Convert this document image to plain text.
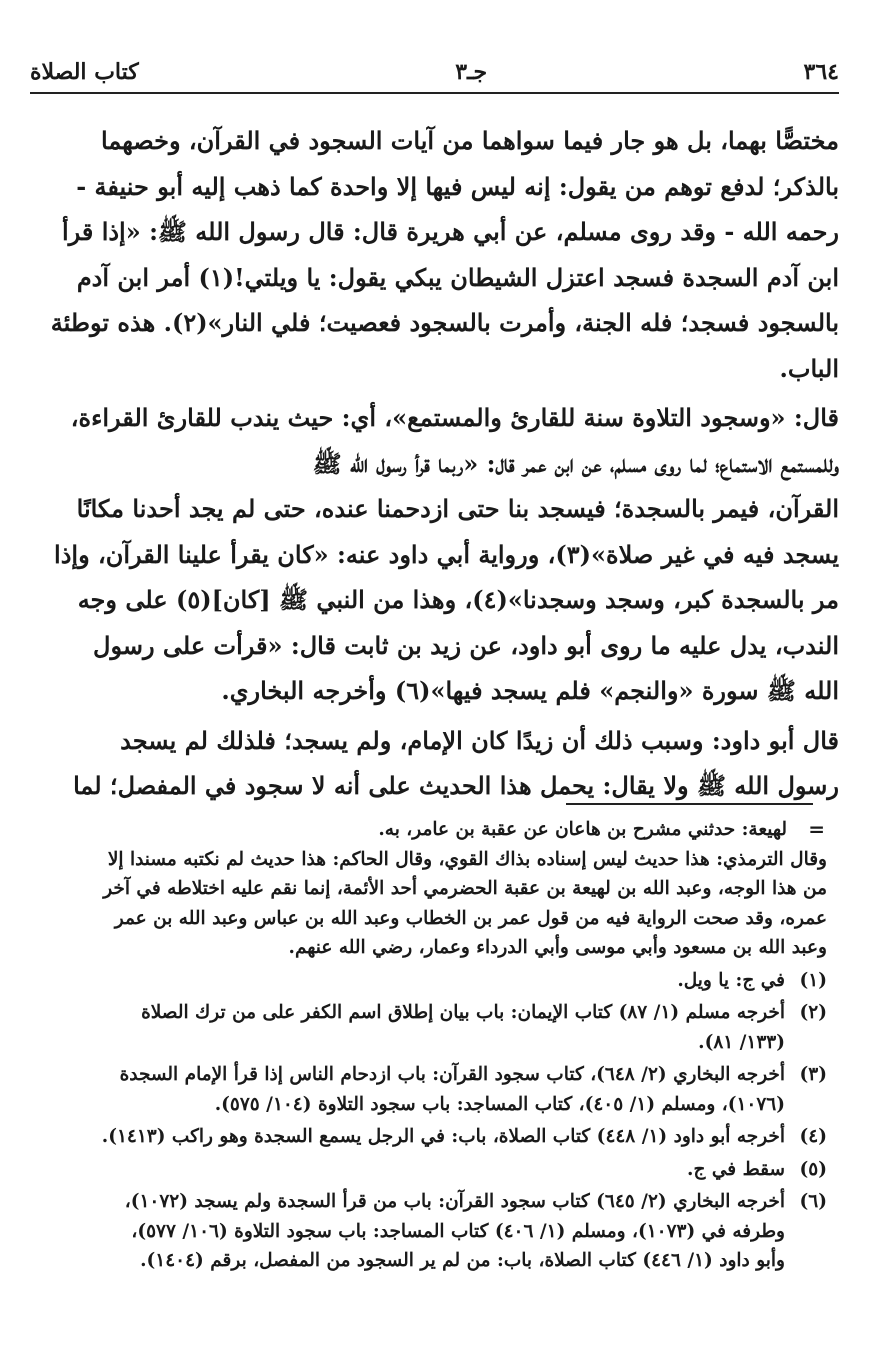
٣٦٤
جـ٣
كتاب الصلاة

مختصًّا بهما، بل هو جار فيما سواهما من آيات السجود في القرآن، وخصهما

بالذكر؛ لدفع توهم من يقول: إنه ليس فيها إلا واحدة كما ذهب إليه أبو حنيفة -

رحمه الله - وقد روى مسلم، عن أبي هريرة قال: قال رسول الله ﷺ: «إذا قرأ

ابن آدم السجدة فسجد اعتزل الشيطان يبكي يقول: يا ويلتي!(١) أمر ابن آدم

بالسجود فسجد؛ فله الجنة، وأمرت بالسجود فعصيت؛ فلي النار»(٢). هذه توطئة

الباب.

قال: «وسجود التلاوة سنة للقارئ والمستمع»، أي: حيث يندب للقارئ القراءة،

وللمستمع الاستماع؛ لما روى مسلم، عن ابن عمر قال: «ربما قرأ رسول الله ﷺ

القرآن، فيمر بالسجدة؛ فيسجد بنا حتى ازدحمنا عنده، حتى لم يجد أحدنا مكانًا

يسجد فيه في غير صلاة»(٣)، ورواية أبي داود عنه: «كان يقرأ علينا القرآن، وإذا

مر بالسجدة كبر، وسجد وسجدنا»(٤)، وهذا من النبي ﷺ [كان](٥) على وجه

الندب، يدل عليه ما روى أبو داود، عن زيد بن ثابت قال: «قرأت على رسول

الله ﷺ سورة «والنجم» فلم يسجد فيها»(٦) وأخرجه البخاري.

قال أبو داود: وسبب ذلك أن زيدًا كان الإمام، ولم يسجد؛ فلذلك لم يسجد

رسول الله ﷺ ولا يقال: يحمل هذا الحديث على أنه لا سجود في المفصل؛ لما

=

لهيعة: حدثني مشرح بن هاعان عن عقبة بن عامر، به.

وقال الترمذي: هذا حديث ليس إسناده بذاك القوي، وقال الحاكم: هذا حديث لم نكتبه مسندا إلا

من هذا الوجه، وعبد الله بن لهيعة بن عقبة الحضرمي أحد الأئمة، إنما نقم عليه اختلاطه في آخر

عمره، وقد صحت الرواية فيه من قول عمر بن الخطاب وعبد الله بن عباس وعبد الله بن عمر

وعبد الله بن مسعود وأبي موسى وأبي الدرداء وعمار، رضي الله عنهم.

(١)

في ج: يا ويل.

(٢)

أخرجه مسلم (١/ ٨٧) كتاب الإيمان: باب بيان إطلاق اسم الكفر على من ترك الصلاة

(١٣٣/ ٨١).

(٣)

أخرجه البخاري (٢/ ٦٤٨)، كتاب سجود القرآن: باب ازدحام الناس إذا قرأ الإمام السجدة

(١٠٧٦)، ومسلم (١/ ٤٠٥)، كتاب المساجد: باب سجود التلاوة (١٠٤/ ٥٧٥).

(٤)

أخرجه أبو داود (١/ ٤٤٨) كتاب الصلاة، باب: في الرجل يسمع السجدة وهو راكب (١٤١٣).

(٥)

سقط في ج.

(٦)

أخرجه البخاري (٢/ ٦٤٥) كتاب سجود القرآن: باب من قرأ السجدة ولم يسجد (١٠٧٢)،

وطرفه في (١٠٧٣)، ومسلم (١/ ٤٠٦) كتاب المساجد: باب سجود التلاوة (١٠٦/ ٥٧٧)،

وأبو داود (١/ ٤٤٦) كتاب الصلاة، باب: من لم ير السجود من المفصل، برقم (١٤٠٤).
